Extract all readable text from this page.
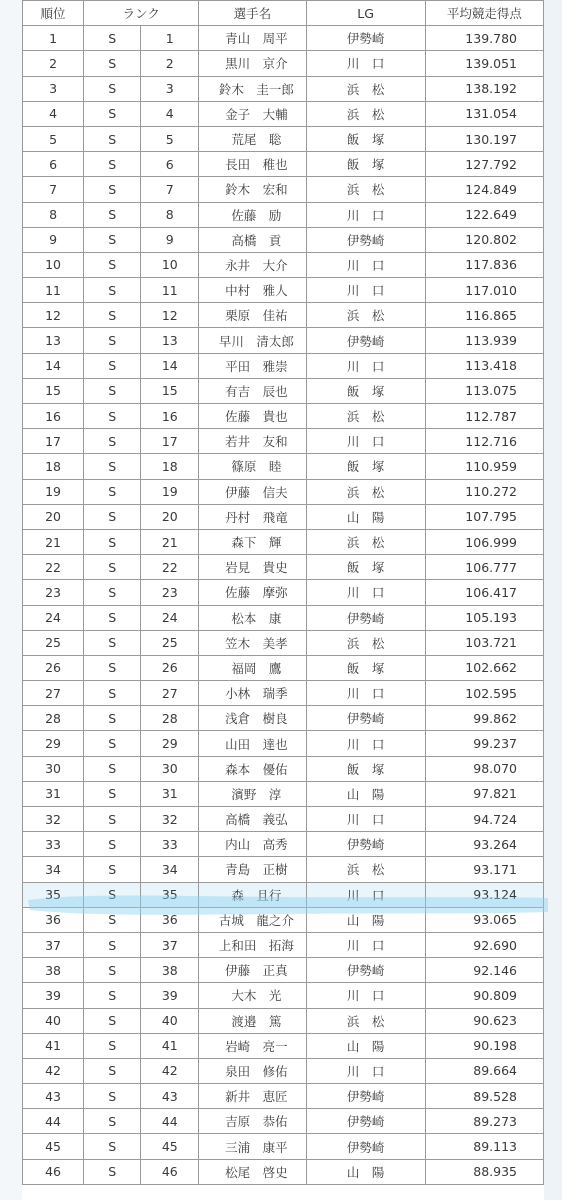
順位	ランク		選手名	LG	平均競走得点
1	S	1	青山　周平	伊勢崎	139.780
2	S	2	黒川　京介	川　口	139.051
3	S	3	鈴木　圭一郎	浜　松	138.192
4	S	4	金子　大輔	浜　松	131.054
5	S	5	荒尾　聡	飯　塚	130.197
6	S	6	長田　稚也	飯　塚	127.792
7	S	7	鈴木　宏和	浜　松	124.849
8	S	8	佐藤　励	川　口	122.649
9	S	9	高橋　貢	伊勢崎	120.802
10	S	10	永井　大介	川　口	117.836
11	S	11	中村　雅人	川　口	117.010
12	S	12	栗原　佳祐	浜　松	116.865
13	S	13	早川　清太郎	伊勢崎	113.939
14	S	14	平田　雅崇	川　口	113.418
15	S	15	有吉　辰也	飯　塚	113.075
16	S	16	佐藤　貴也	浜　松	112.787
17	S	17	若井　友和	川　口	112.716
18	S	18	篠原　睦	飯　塚	110.959
19	S	19	伊藤　信夫	浜　松	110.272
20	S	20	丹村　飛竜	山　陽	107.795
21	S	21	森下　輝	浜　松	106.999
22	S	22	岩見　貴史	飯　塚	106.777
23	S	23	佐藤　摩弥	川　口	106.417
24	S	24	松本　康	伊勢崎	105.193
25	S	25	笠木　美孝	浜　松	103.721
26	S	26	福岡　鷹	飯　塚	102.662
27	S	27	小林　瑞季	川　口	102.595
28	S	28	浅倉　樹良	伊勢崎	99.862
29	S	29	山田　達也	川　口	99.237
30	S	30	森本　優佑	飯　塚	98.070
31	S	31	濱野　淳	山　陽	97.821
32	S	32	高橋　義弘	川　口	94.724
33	S	33	内山　高秀	伊勢崎	93.264
34	S	34	青島　正樹	浜　松	93.171
35	S	35	森　且行	川　口	93.124
36	S	36	古城　龍之介	山　陽	93.065
37	S	37	上和田　拓海	川　口	92.690
38	S	38	伊藤　正真	伊勢崎	92.146
39	S	39	大木　光	川　口	90.809
40	S	40	渡邉　篤	浜　松	90.623
41	S	41	岩崎　亮一	山　陽	90.198
42	S	42	泉田　修佑	川　口	89.664
43	S	43	新井　恵匠	伊勢崎	89.528
44	S	44	吉原　恭佑	伊勢崎	89.273
45	S	45	三浦　康平	伊勢崎	89.113
46	S	46	松尾　啓史	山　陽	88.935
